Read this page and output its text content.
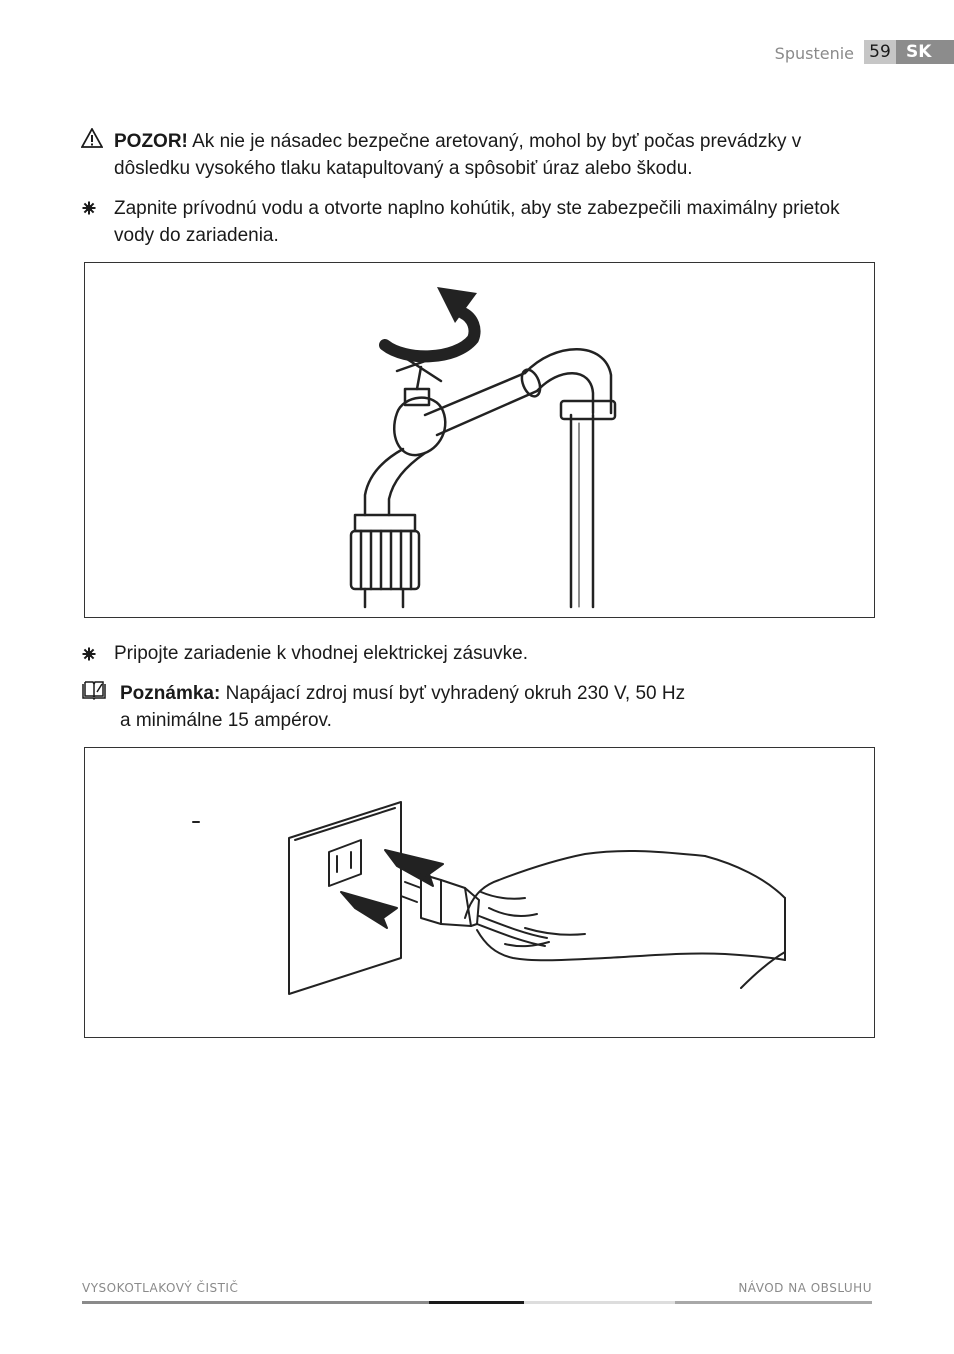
Spustenie 59 SK
POZOR! Ak nie je násadec bezpečne aretovaný, mohol by byť počas prevádzky v dôsledku vysokého tlaku katapultovaný a spôsobiť úraz alebo škodu.
Zapnite prívodnú vodu a otvorte naplno kohútik, aby ste zabezpečili maximálny prietok vody do zariadenia.
Pripojte zariadenie k vhodnej elektrickej zásuvke.
Poznámka: Napájací zdroj musí byť vyhradený okruh 230 V, 50 Hz
a minimálne 15 ampérov.
VYSOKOTLAKOVÝ ČISTIČ	NÁVOD NA OBSLUHU
